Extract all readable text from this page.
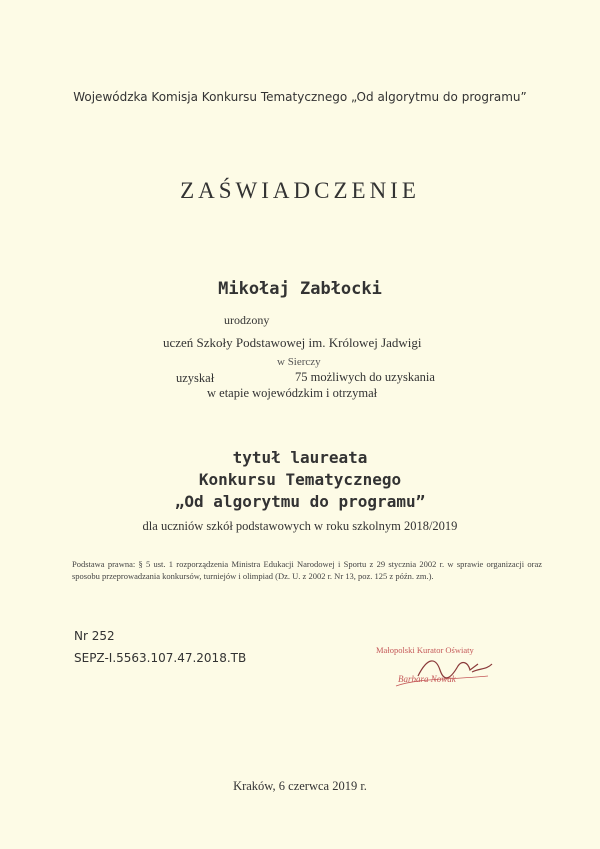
Wojewódzka Komisja Konkursu Tematycznego „Od algorytmu do programu”
ZAŚWIADCZENIE
Mikołaj Zabłocki
urodzony
uczeń Szkoły Podstawowej im. Królowej Jadwigi
w Sierczy
uzyskał	75 możliwych do uzyskania
w etapie wojewódzkim i otrzymał
tytuł laureata
Konkursu Tematycznego
„Od algorytmu do programu”
dla uczniów szkół podstawowych w roku szkolnym 2018/2019
Podstawa prawna: § 5 ust. 1 rozporządzenia Ministra Edukacji Narodowej i Sportu z 29 stycznia 2002 r. w sprawie organizacji oraz sposobu przeprowadzania konkursów, turniejów i olimpiad (Dz. U. z 2002 r. Nr 13, poz. 125 z późn. zm.).
Nr 252
SEPZ-I.5563.107.47.2018.TB
Małopolski Kurator Oświaty
Barbara Nowak
Kraków, 6 czerwca 2019 r.
